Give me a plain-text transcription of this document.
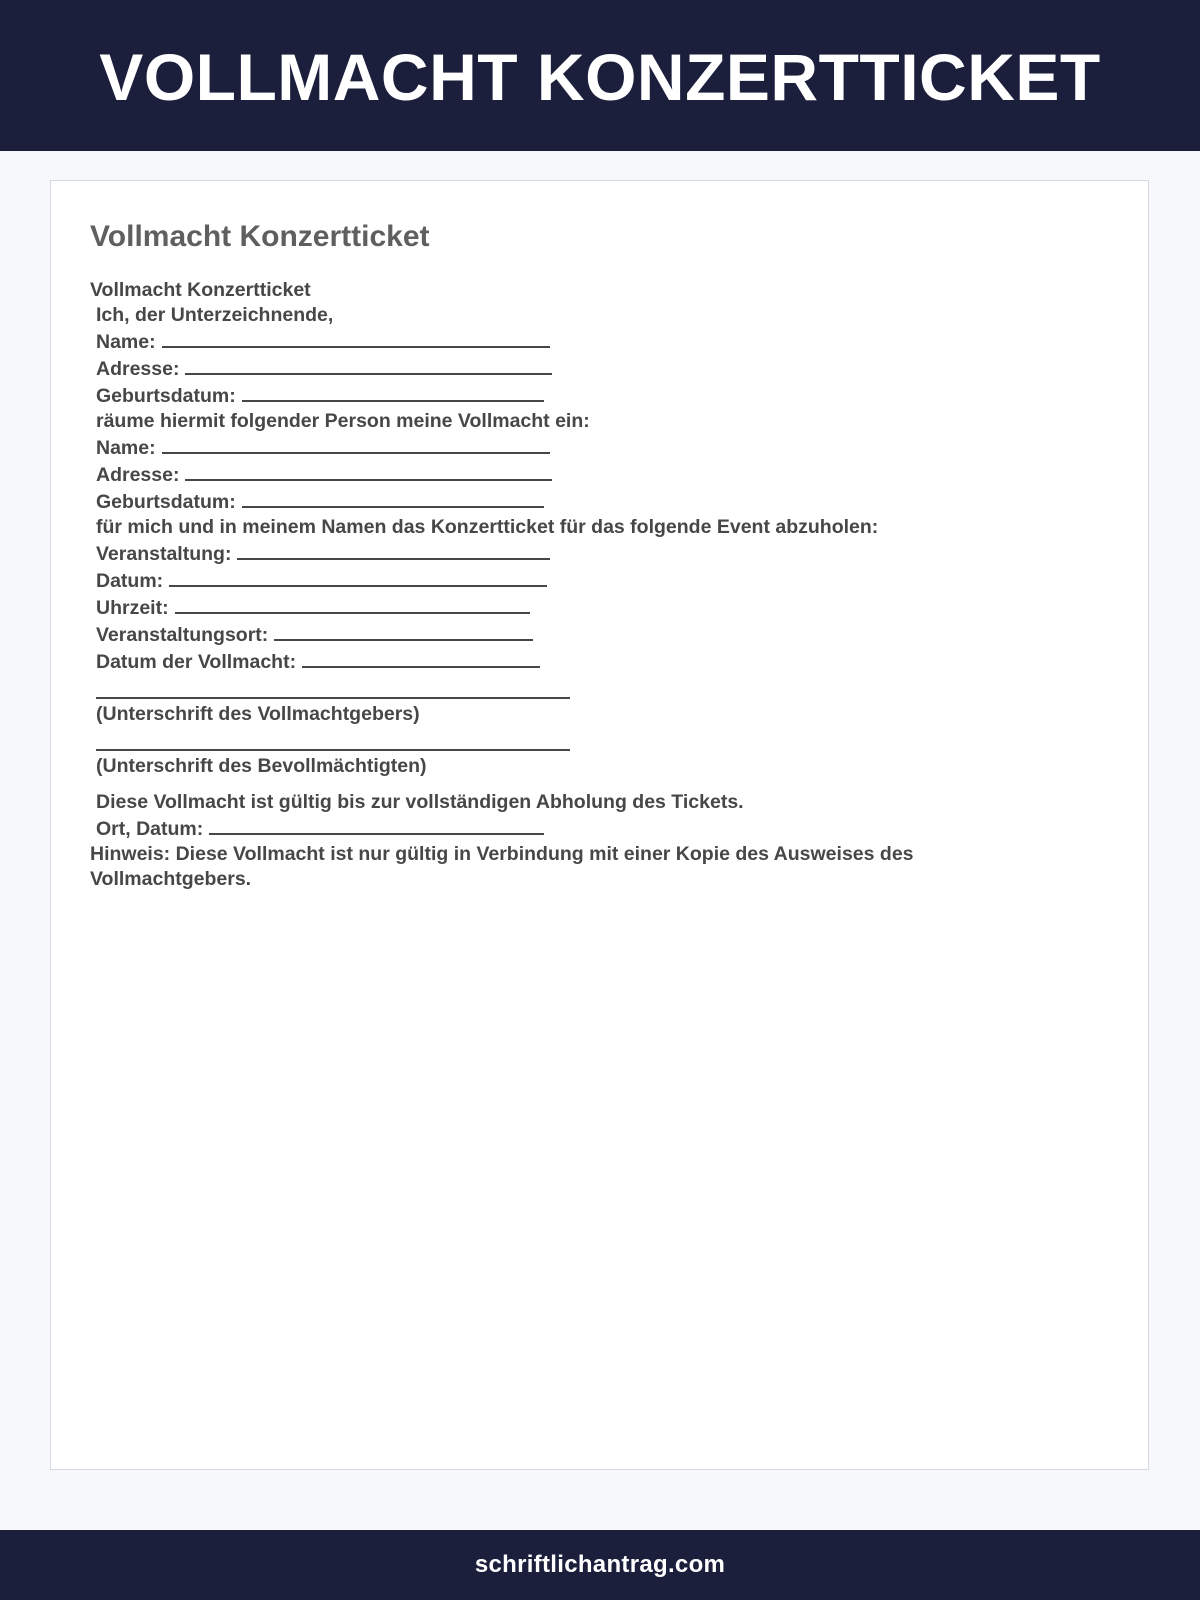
VOLLMACHT KONZERTTICKET
Vollmacht Konzertticket
Vollmacht Konzertticket
Ich, der Unterzeichnende,
Name:
Adresse:
Geburtsdatum:
räume hiermit folgender Person meine Vollmacht ein:
Name:
Adresse:
Geburtsdatum:
für mich und in meinem Namen das Konzertticket für das folgende Event abzuholen:
Veranstaltung:
Datum:
Uhrzeit:
Veranstaltungsort:
Datum der Vollmacht:
(Unterschrift des Vollmachtgebers)
(Unterschrift des Bevollmächtigten)
Diese Vollmacht ist gültig bis zur vollständigen Abholung des Tickets.
Ort, Datum:
Hinweis: Diese Vollmacht ist nur gültig in Verbindung mit einer Kopie des Ausweises des
Vollmachtgebers.
schriftlichantrag.com
